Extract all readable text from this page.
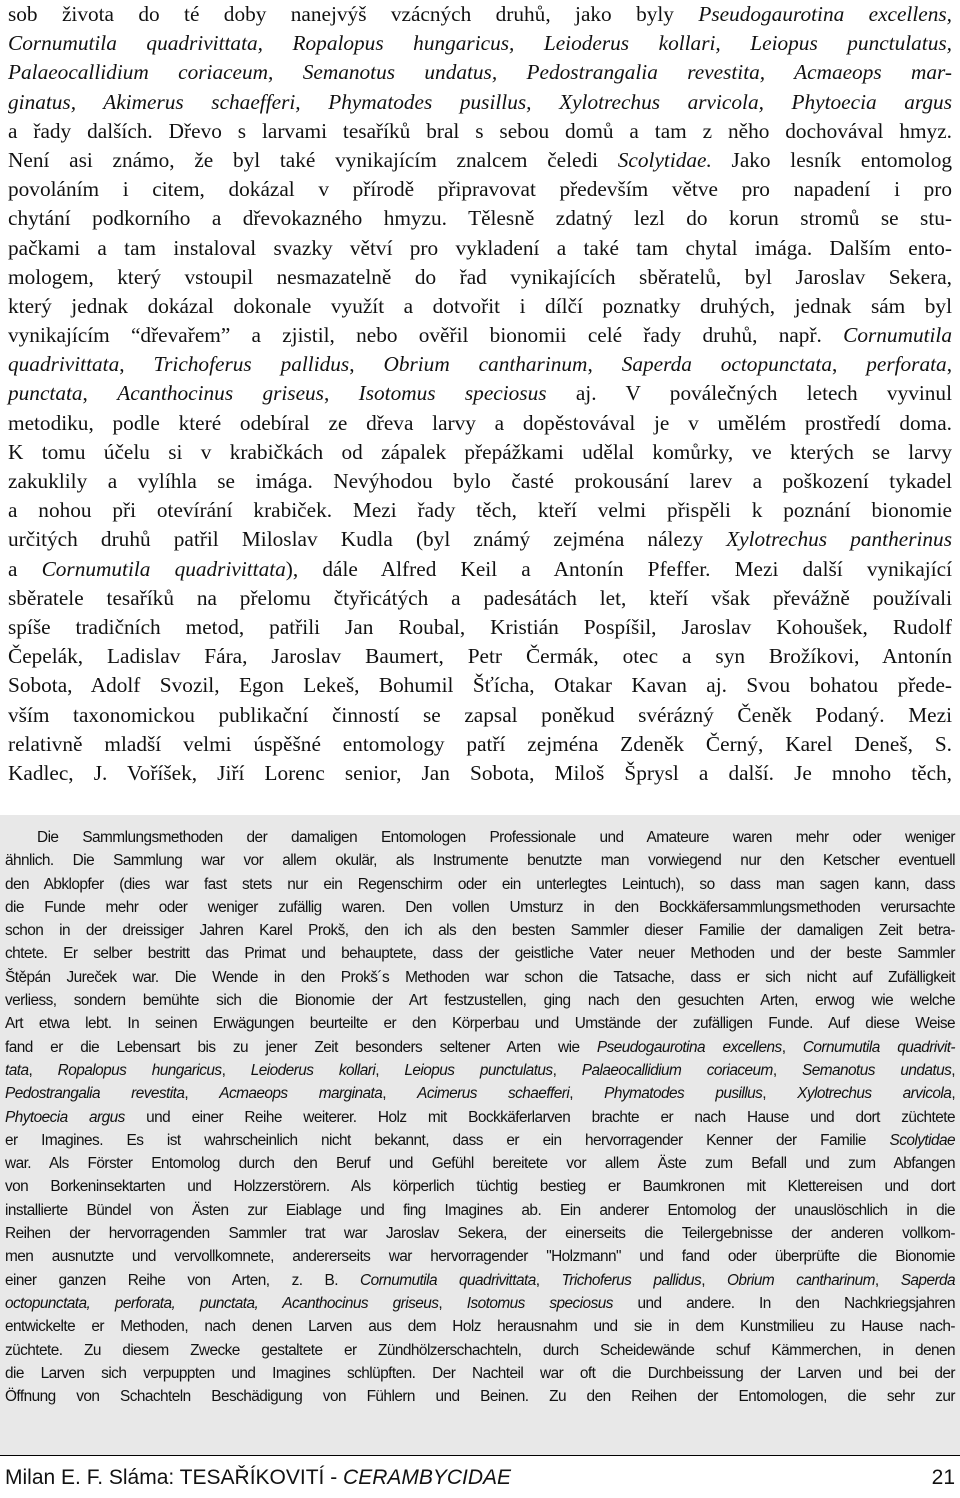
sob života do té doby nanejvýš vzácných druhů, jako byly Pseudogaurotina excellens,
Cornumutila quadrivittata, Ropalopus hungaricus, Leioderus kollari, Leiopus punctulatus,
Palaeocallidium coriaceum, Semanotus undatus, Pedostrangalia revestita, Acmaeops mar-
ginatus, Akimerus schaefferi, Phymatodes pusillus, Xylotrechus arvicola, Phytoecia argus
a řady dalších. Dřevo s larvami tesaříků bral s sebou domů a tam z něho dochovával hmyz.
Není asi známo, že byl také vynikajícím znalcem čeledi Scolytidae. Jako lesník entomolog
povoláním i citem, dokázal v přírodě připravovat především větve pro napadení i pro
chytání podkorního a dřevokazného hmyzu. Tělesně zdatný lezl do korun stromů se stu-
pačkami a tam instaloval svazky větví pro vykladení a také tam chytal imága. Dalším ento-
mologem, který vstoupil nesmazatelně do řad vynikajících sběratelů, byl Jaroslav Sekera,
který jednak dokázal dokonale využít a dotvořit i dílčí poznatky druhých, jednak sám byl
vynikajícím “dřevařem” a zjistil, nebo ověřil bionomii celé řady druhů, např. Cornumutila
quadrivittata, Trichoferus pallidus, Obrium cantharinum, Saperda octopunctata, perforata,
punctata, Acanthocinus griseus, Isotomus speciosus aj. V poválečných letech vyvinul
metodiku, podle které odebíral ze dřeva larvy a dopěstovával je v umělém prostředí doma.
K tomu účelu si v krabičkách od zápalek přepážkami udělal komůrky, ve kterých se larvy
zakuklily a vylíhla se imága. Nevýhodou bylo časté prokousání larev a poškození tykadel
a nohou při otevírání krabiček. Mezi řady těch, kteří velmi přispěli k poznání bionomie
určitých druhů patřil Miloslav Kudla (byl známý zejména nálezy Xylotrechus pantherinus
a Cornumutila quadrivittata), dále Alfred Keil a Antonín Pfeffer. Mezi další vynikající
sběratele tesaříků na přelomu čtyřicátých a padesátách let, kteří však převážně používali
spíše tradičních metod, patřili Jan Roubal, Kristián Pospíšil, Jaroslav Kohoušek, Rudolf
Čepelák, Ladislav Fára, Jaroslav Baumert, Petr Čermák, otec a syn Brožíkovi, Antonín
Sobota, Adolf Svozil, Egon Lekeš, Bohumil Šťícha, Otakar Kavan aj. Svou bohatou přede-
vším taxonomickou publikační činností se zapsal poněkud svérázný Čeněk Podaný. Mezi
relativně mladší velmi úspěšné entomology patří zejména Zdeněk Černý, Karel Deneš, S.
Kadlec, J. Voříšek, Jiří Lorenc senior, Jan Sobota, Miloš Šprysl a další. Je mnoho těch,
Die Sammlungsmethoden der damaligen Entomologen Professionale und Amateure waren mehr oder weniger
ähnlich. Die Sammlung war vor allem okulär, als Instrumente benutzte man vorwiegend nur den Ketscher eventuell
den Abklopfer (dies war fast stets nur ein Regenschirm oder ein unterlegtes Leintuch), so dass man sagen kann, dass
die Funde mehr oder weniger zufällig waren. Den vollen Umsturz in den Bockkäfersammlungsmethoden verursachte
schon in der dreissiger Jahren Karel Prokš, den ich als den besten Sammler dieser Familie der damaligen Zeit betra-
chtete. Er selber bestritt das Primat und behauptete, dass der geistliche Vater neuer Methoden und der beste Sammler
Štěpán Jureček war. Die Wende in den Prokš´s Methoden war schon die Tatsache, dass er sich nicht auf Zufälligkeit
verliess, sondern bemühte sich die Bionomie der Art festzustellen, ging nach den gesuchten Arten, erwog wie welche
Art etwa lebt. In seinen Erwägungen beurteilte er den Körperbau und Umstände der zufälligen Funde. Auf diese Weise
fand er die Lebensart bis zu jener Zeit besonders seltener Arten wie Pseudogaurotina excellens, Cornumutila quadrivit-
tata, Ropalopus hungaricus, Leioderus kollari, Leiopus punctulatus, Palaeocallidium coriaceum, Semanotus undatus,
Pedostrangalia revestita, Acmaeops marginata, Acimerus schaefferi, Phymatodes pusillus, Xylotrechus arvicola,
Phytoecia argus und einer Reihe weiterer. Holz mit Bockkäferlarven brachte er nach Hause und dort züchtete
er Imagines. Es ist wahrscheinlich nicht bekannt, dass er ein hervorragender Kenner der Familie Scolytidae
war. Als Förster Entomolog durch den Beruf und Gefühl bereitete vor allem Äste zum Befall und zum Abfangen
von Borkeninsektarten und Holzzerstörern. Als körperlich tüchtig bestieg er Baumkronen mit Klettereisen und dort
installierte Bündel von Ästen zur Eiablage und fing Imagines ab. Ein anderer Entomolog der unauslöschlich in die
Reihen der hervorragenden Sammler trat war Jaroslav Sekera, der einerseits die Teilergebnisse der anderen vollkom-
men ausnutzte und vervollkomnete, andererseits war hervorragender "Holzmann" und fand oder überprüfte die Bionomie
einer ganzen Reihe von Arten, z. B. Cornumutila quadrivittata, Trichoferus pallidus, Obrium cantharinum, Saperda
octopunctata, perforata, punctata, Acanthocinus griseus, Isotomus speciosus und andere. In den Nachkriegsjahren
entwickelte er Methoden, nach denen Larven aus dem Holz herausnahm und sie in dem Kunstmilieu zu Hause nach-
züchtete. Zu diesem Zwecke gestaltete er Zündhölzerschachteln, durch Scheidewände schuf Kämmerchen, in denen
die Larven sich verpuppten und Imagines schlüpften. Der Nachteil war oft die Durchbeissung der Larven und bei der
Öffnung von Schachteln Beschädigung von Fühlern und Beinen. Zu den Reihen der Entomologen, die sehr zur
Milan E. F. Sláma: TESAŘÍKOVITÍ - CERAMBYCIDAE	21
